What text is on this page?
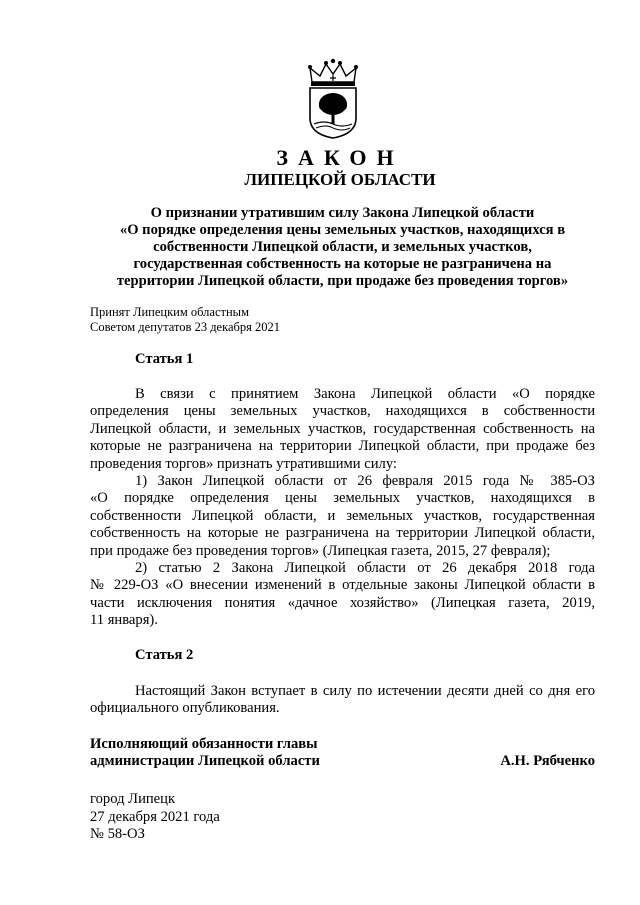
ЗАКОН
ЛИПЕЦКОЙ ОБЛАСТИ
О признании утратившим силу Закона Липецкой области
«О порядке определения цены земельных участков, находящихся в
собственности Липецкой области, и земельных участков,
государственная собственность на которые не разграничена на
территории Липецкой области, при продаже без проведения торгов»
Принят Липецким областным
Советом депутатов 23 декабря 2021
Статья 1
В связи с принятием Закона Липецкой области «О порядке
определения цены земельных участков, находящихся в собственности
Липецкой области, и земельных участков, государственная собственность на
которые не разграничена на территории Липецкой области, при продаже без
проведения торгов» признать утратившими силу:
1) Закон Липецкой области от 26 февраля 2015 года № 385-ОЗ
«О порядке определения цены земельных участков, находящихся в
собственности Липецкой области, и земельных участков, государственная
собственность на которые не разграничена на территории Липецкой области,
при продаже без проведения торгов» (Липецкая газета, 2015, 27 февраля);
2) статью 2 Закона Липецкой области от 26 декабря 2018 года
№ 229-ОЗ «О внесении изменений в отдельные законы Липецкой области в
части исключения понятия «дачное хозяйство» (Липецкая газета, 2019,
11 января).
Статья 2
Настоящий Закон вступает в силу по истечении десяти дней со дня его
официального опубликования.
Исполняющий обязанности главы
администрации Липецкой области	А.Н. Рябченко
город Липецк
27 декабря 2021 года
№ 58-ОЗ
